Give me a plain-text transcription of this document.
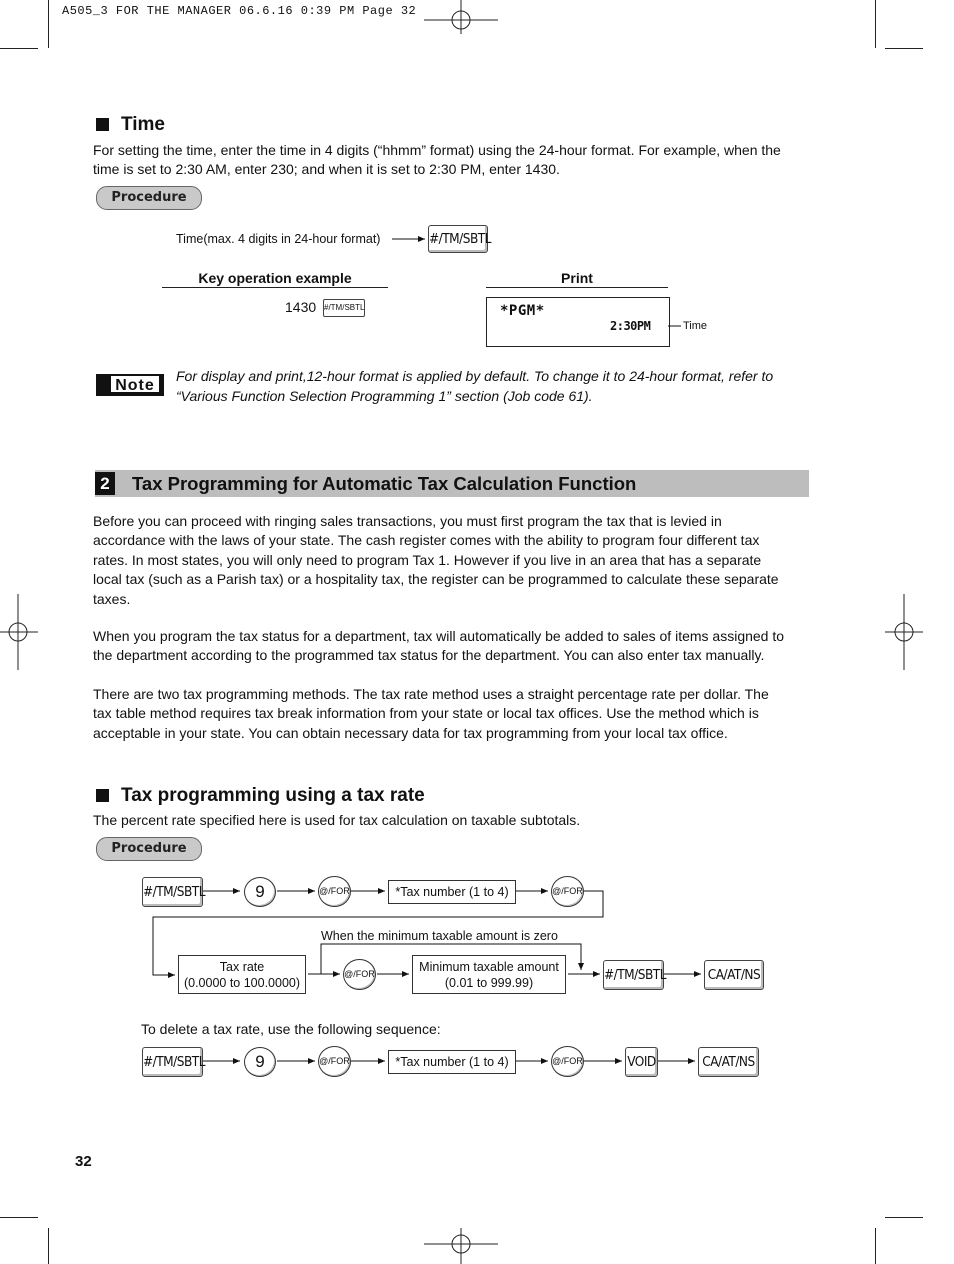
A505_3 FOR THE MANAGER 06.6.16 0:39 PM Page 32
Time
For setting the time, enter the time in 4 digits (“hhmm” format) using the 24-hour format. For example, when the
time is set to 2:30 AM, enter 230; and when it is set to 2:30 PM, enter 1430.
Procedure
Time(max. 4 digits in 24-hour format)	#/TM/SBTL
Key operation example	Print
1430 #/TM/SBTL	*PGM*
2:30PM	Time
Note
For display and print,12-hour format is applied by default. To change it to 24-hour format, refer to
“Various Function Selection Programming 1” section (Job code 61).
2 Tax Programming for Automatic Tax Calculation Function
Before you can proceed with ringing sales transactions, you must first program the tax that is levied in
accordance with the laws of your state. The cash register comes with the ability to program four different tax
rates. In most states, you will only need to program Tax 1. However if you live in an area that has a separate
local tax (such as a Parish tax) or a hospitality tax, the register can be programmed to calculate these separate
taxes.
When you program the tax status for a department, tax will automatically be added to sales of items assigned to
the department according to the programmed tax status for the department. You can also enter tax manually.
There are two tax programming methods. The tax rate method uses a straight percentage rate per dollar. The
tax table method requires tax break information from your state or local tax offices. Use the method which is
acceptable in your state. You can obtain necessary data for tax programming from your local tax office.
Tax programming using a tax rate
The percent rate specified here is used for tax calculation on taxable subtotals.
Procedure
#/TM/SBTL	9	@/FOR	*Tax number (1 to 4)	@/FOR
When the minimum taxable amount is zero
Tax rate
(0.0000 to 100.0000)
@/FOR	Minimum taxable amount
(0.01 to 999.99)	#/TM/SBTL	CA/AT/NS
To delete a tax rate, use the following sequence:
#/TM/SBTL	9	@/FOR	*Tax number (1 to 4)	@/FOR	VOID	CA/AT/NS
32
